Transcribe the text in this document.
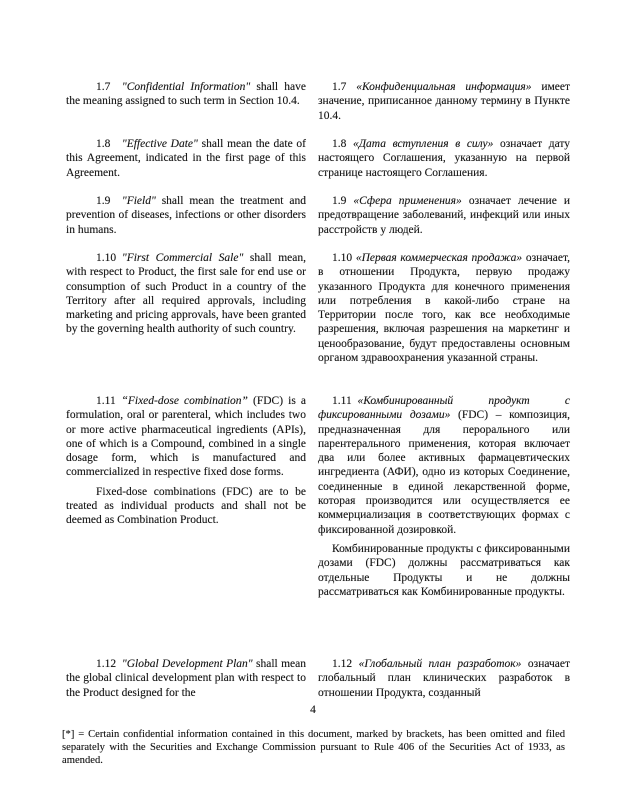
1.7  "Confidential Information" shall have the meaning assigned to such term in Section 10.4.

1.7 «Конфиденциальная информация» имеет значение, приписанное данному термину в Пункте 10.4.

1.8  "Effective Date" shall mean the date of this Agreement, indicated in the first page of this Agreement.

1.8 «Дата вступления в силу» означает дату настоящего Соглашения, указанную на первой странице настоящего Соглашения.

1.9  "Field" shall mean the treatment and prevention of diseases, infections or other disorders in humans.

1.9 «Сфера применения» означает лечение и предотвращение заболеваний, инфекций или иных расстройств у людей.

1.10 "First Commercial Sale" shall mean, with respect to Product, the first sale for end use or consumption of such Product in a country of the Territory after all required approvals, including marketing and pricing approvals, have been granted by the governing health authority of such country.

1.10 «Первая коммерческая продажа» означает, в отношении Продукта, первую продажу указанного Продукта для конечного применения или потребления в какой-либо стране на Территории после того, как все необходимые разрешения, включая разрешения на маркетинг и ценообразование, будут предоставлены основным органом здравоохранения указанной страны.

1.11 “Fixed-dose combination” (FDC) is a formulation, oral or parenteral, which includes two or more active pharmaceutical ingredients (APIs), one of which is a Compound, combined in a single dosage form, which is manufactured and commercialized in respective fixed dose forms.

Fixed-dose combinations (FDC) are to be treated as individual products and shall not be deemed as Combination Product.

1.11 «Комбинированный продукт с фиксированными дозами» (FDC) – композиция, предназначенная для перорального или парентерального применения, которая включает два или более активных фармацевтических ингредиента (АФИ), одно из которых Соединение, соединенные в единой лекарственной форме, которая производится или осуществляется ее коммерциализация в соответствующих формах с фиксированной дозировкой.

Комбинированные продукты с фиксированными дозами (FDC) должны рассматриваться как отдельные Продукты и не должны рассматриваться как Комбинированные продукты.

1.12 "Global Development Plan" shall mean the global clinical development plan with respect to the Product designed for the

1.12 «Глобальный план разработок» означает глобальный план клинических разработок в отношении Продукта, созданный

4
[*] = Certain confidential information contained in this document, marked by brackets, has been omitted and filed separately with the Securities and Exchange Commission pursuant to Rule 406 of the Securities Act of 1933, as amended.
